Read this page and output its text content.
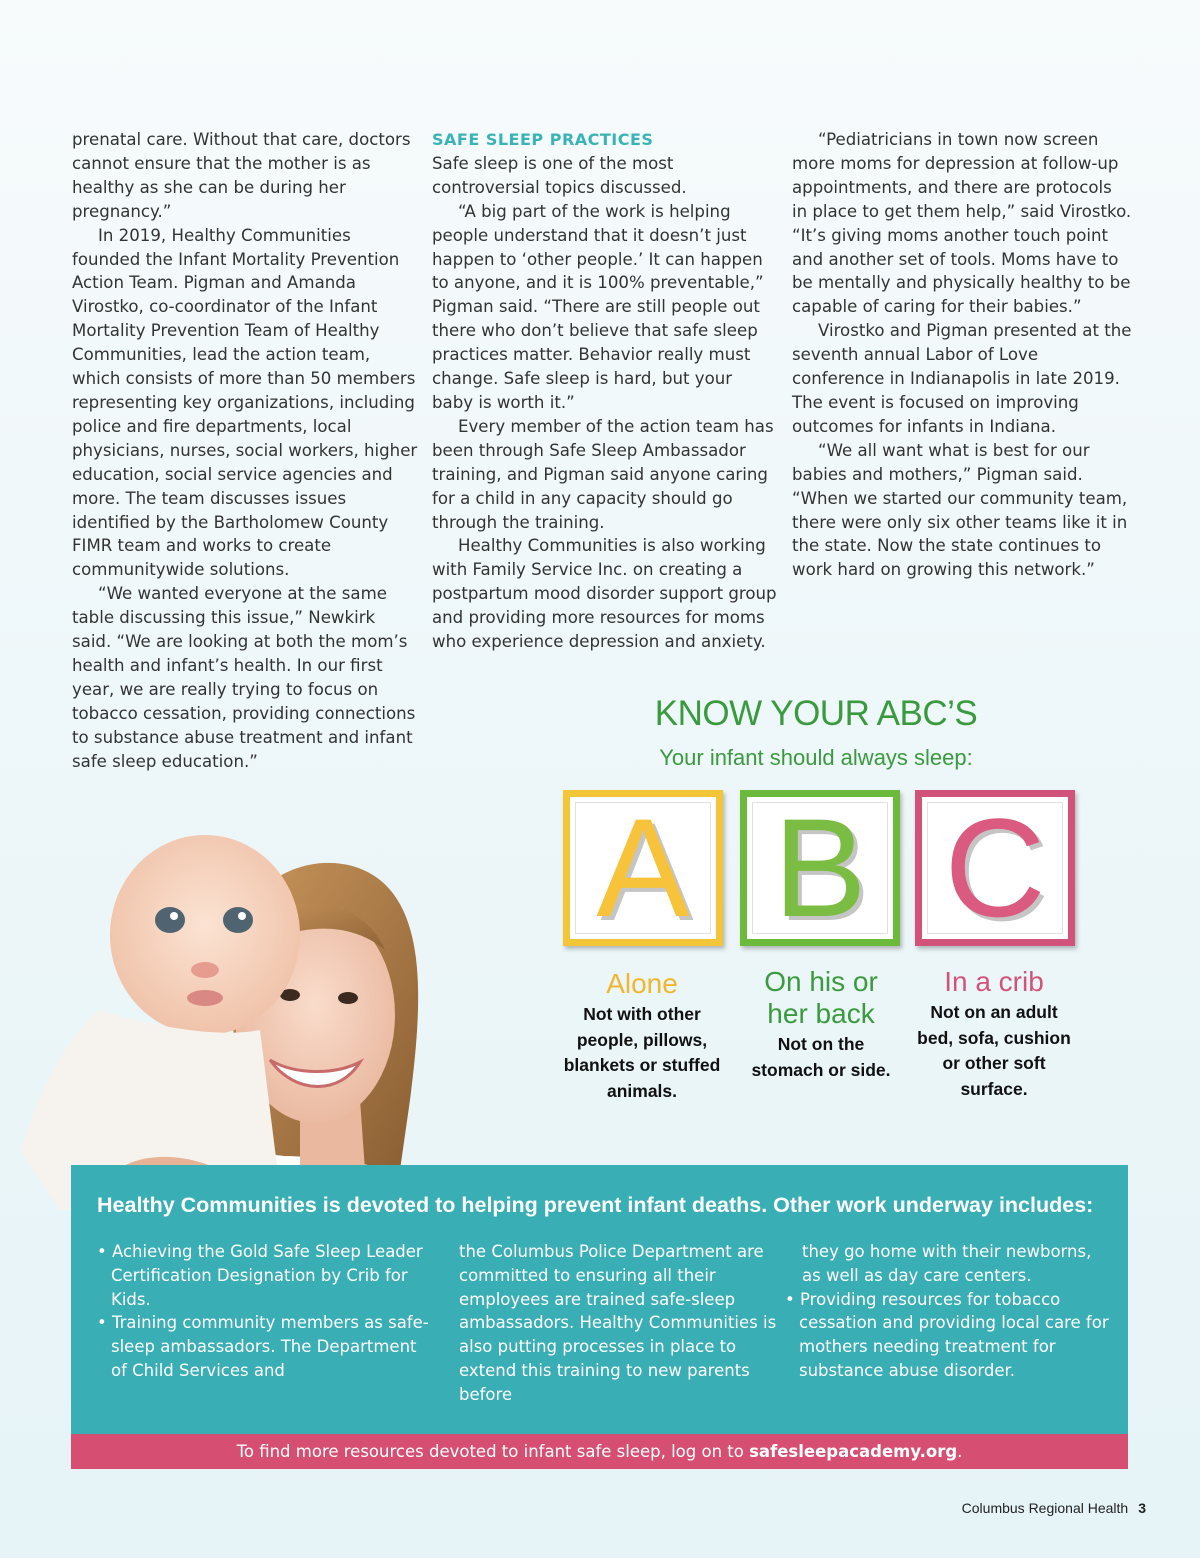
prenatal care. Without that care, doctors cannot ensure that the mother is as healthy as she can be during her pregnancy.”

In 2019, Healthy Communities founded the Infant Mortality Prevention Action Team. Pigman and Amanda Virostko, co-coordinator of the Infant Mortality Prevention Team of Healthy Communities, lead the action team, which consists of more than 50 members representing key organizations, including police and fire departments, local physicians, nurses, social workers, higher education, social service agencies and more. The team discusses issues identified by the Bartholomew County FIMR team and works to create communitywide solutions.

“We wanted everyone at the same table discussing this issue,” Newkirk said. “We are looking at both the mom’s health and infant’s health. In our first year, we are really trying to focus on tobacco cessation, providing connections to substance abuse treatment and infant safe sleep education.”

SAFE SLEEP PRACTICES

Safe sleep is one of the most controversial topics discussed.

“A big part of the work is helping people understand that it doesn’t just happen to ‘other people.’ It can happen to anyone, and it is 100% preventable,” Pigman said. “There are still people out there who don’t believe that safe sleep practices matter. Behavior really must change. Safe sleep is hard, but your baby is worth it.”

Every member of the action team has been through Safe Sleep Ambassador training, and Pigman said anyone caring for a child in any capacity should go through the training.

Healthy Communities is also working with Family Service Inc. on creating a postpartum mood disorder support group and providing more resources for moms who experience depression and anxiety.

“Pediatricians in town now screen more moms for depression at follow-up appointments, and there are protocols in place to get them help,” said Virostko. “It’s giving moms another touch point and another set of tools. Moms have to be mentally and physically healthy to be capable of caring for their babies.”

Virostko and Pigman presented at the seventh annual Labor of Love conference in Indianapolis in late 2019. The event is focused on improving outcomes for infants in Indiana.

“We all want what is best for our babies and mothers,” Pigman said. “When we started our community team, there were only six other teams like it in the state. Now the state continues to work hard on growing this network.”

KNOW YOUR ABC’S
Your infant should always sleep:
A B C
Alone
Not with other people, pillows, blankets or stuffed animals.
On his or her back
Not on the stomach or side.
In a crib
Not on an adult bed, sofa, cushion or other soft surface.
Healthy Communities is devoted to helping prevent infant deaths. Other work underway includes:
• Achieving the Gold Safe Sleep Leader Certification Designation by Crib for Kids.
• Training community members as safe-sleep ambassadors. The Department of Child Services and
the Columbus Police Department are committed to ensuring all their employees are trained safe-sleep ambassadors. Healthy Communities is also putting processes in place to extend this training to new parents before
they go home with their newborns, as well as day care centers.
• Providing resources for tobacco cessation and providing local care for mothers needing treatment for substance abuse disorder.
To find more resources devoted to infant safe sleep, log on to
safesleepacademy.org .
Columbus Regional Health 3
